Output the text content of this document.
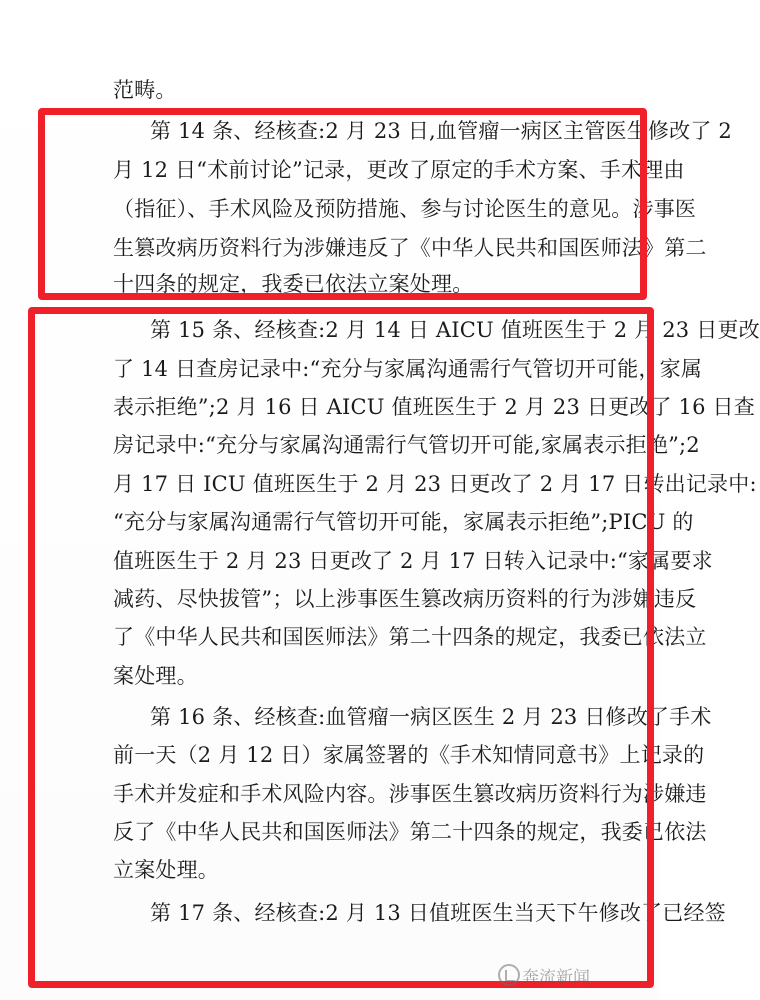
范畴。
第 14 条、经核查:2 月 23 日,血管瘤一病区主管医生修改了 2
月 12 日“术前讨论”记录，更改了原定的手术方案、手术理由
（指征）、手术风险及预防措施、参与讨论医生的意见。涉事医
生篡改病历资料行为涉嫌违反了《中华人民共和国医师法》第二
十四条的规定，我委已依法立案处理。
第 15 条、经核查:2 月 14 日 AICU 值班医生于 2 月 23 日更改
了 14 日查房记录中:“充分与家属沟通需行气管切开可能，家属
表示拒绝”;2 月 16 日 AICU 值班医生于 2 月 23 日更改了 16 日查
房记录中:“充分与家属沟通需行气管切开可能,家属表示拒绝”;2
月 17 日 ICU 值班医生于 2 月 23 日更改了 2 月 17 日转出记录中:
“充分与家属沟通需行气管切开可能，家属表示拒绝”;PICU 的
值班医生于 2 月 23 日更改了 2 月 17 日转入记录中:“家属要求
减药、尽快拔管”；以上涉事医生篡改病历资料的行为涉嫌违反
了《中华人民共和国医师法》第二十四条的规定，我委已依法立
案处理。
第 16 条、经核查:血管瘤一病区医生 2 月 23 日修改了手术
前一天（2 月 12 日）家属签署的《手术知情同意书》上记录的
手术并发症和手术风险内容。涉事医生篡改病历资料行为涉嫌违
反了《中华人民共和国医师法》第二十四条的规定，我委已依法
立案处理。
第 17 条、经核查:2 月 13 日值班医生当天下午修改了已经签
奔流新闻
